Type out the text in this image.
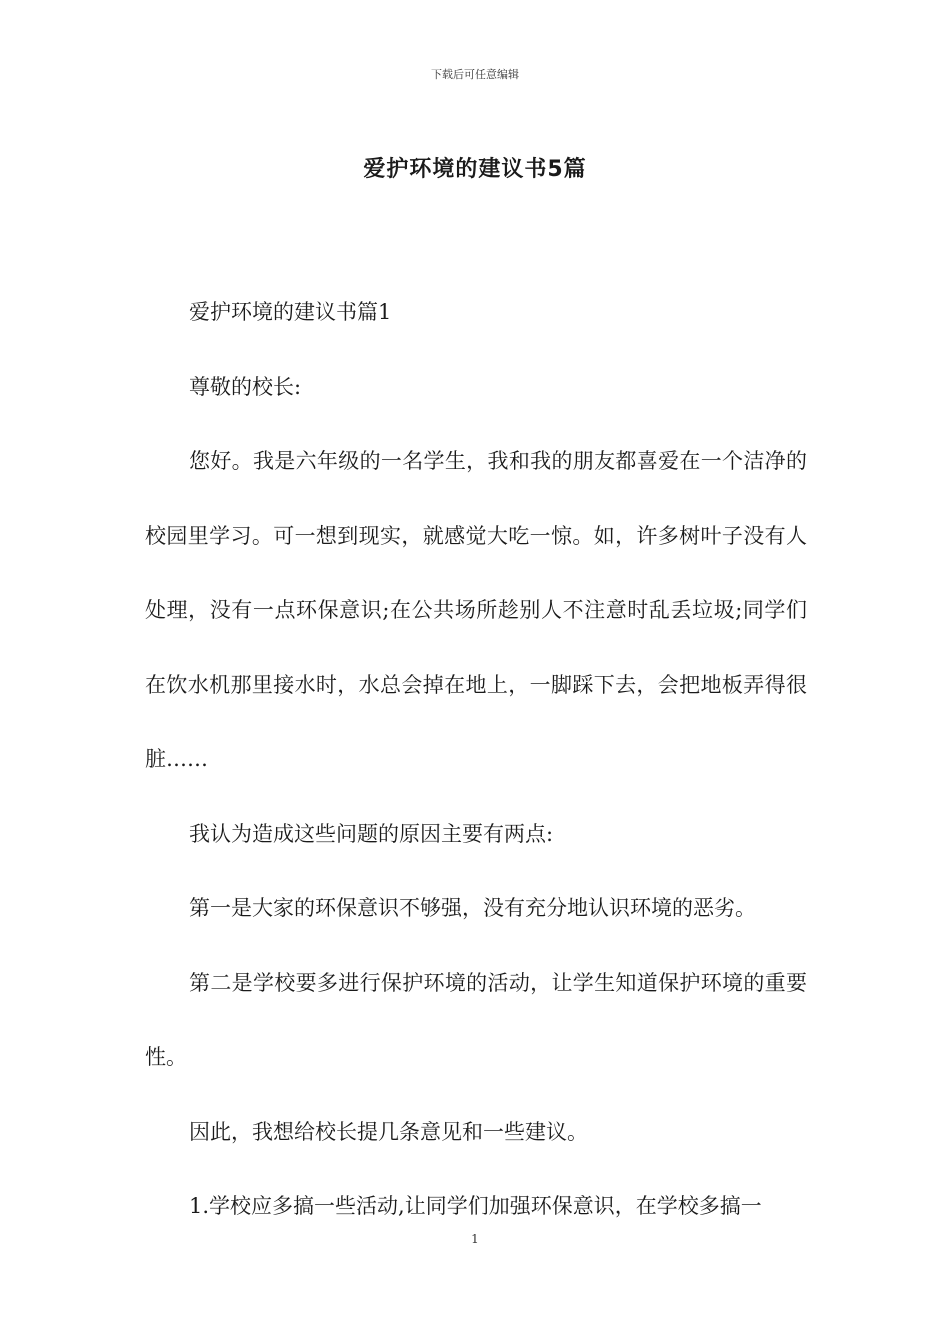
下载后可任意编辑
爱护环境的建议书5篇

爱护环境的建议书篇1

尊敬的校长:

您好。我是六年级的一名学生，我和我的朋友都喜爱在一个洁净的校园里学习。可一想到现实，就感觉大吃一惊。如，许多树叶子没有人处理，没有一点环保意识;在公共场所趁别人不注意时乱丢垃圾;同学们在饮水机那里接水时，水总会掉在地上，一脚踩下去，会把地板弄得很脏……

我认为造成这些问题的原因主要有两点:

第一是大家的环保意识不够强，没有充分地认识环境的恶劣。

第二是学校要多进行保护环境的活动，让学生知道保护环境的重要性。

因此，我想给校长提几条意见和一些建议。

1.学校应多搞一些活动,让同学们加强环保意识，在学校多搞一

1
